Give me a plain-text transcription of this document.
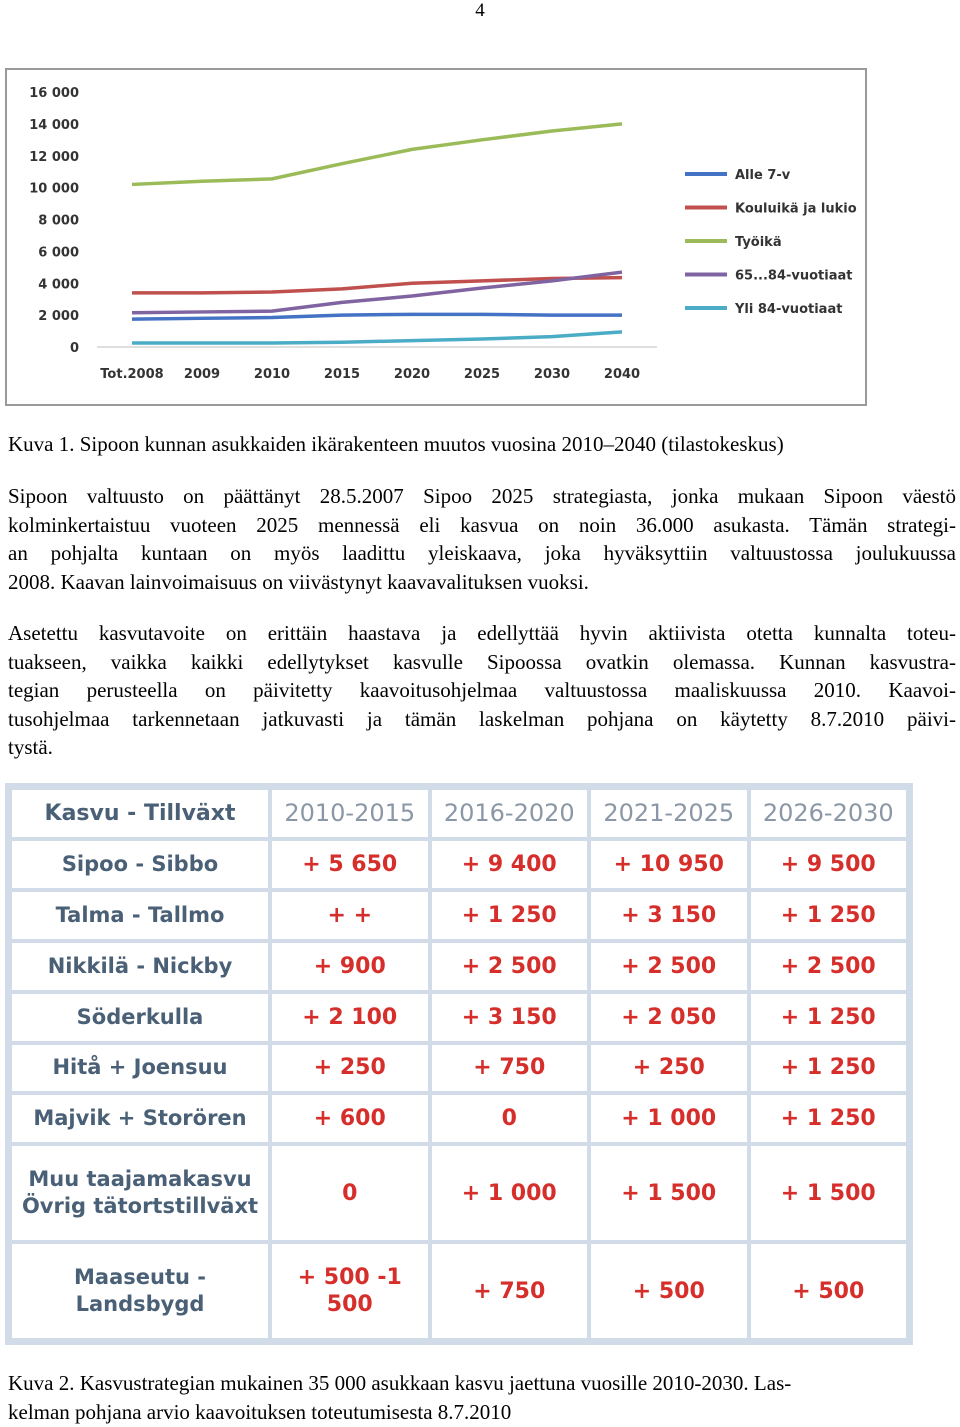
4
0
2 000
4 000
6 000
8 000
10 000
12 000
14 000
16 000
Tot.2008 2009	2010	2015	2020	2025	2030	2040
Alle 7-v
Kouluikä ja lukio
Työikä
65...84-vuotiaat
Yli 84-vuotiaat
Kuva 1. Sipoon kunnan asukkaiden ikärakenteen muutos vuosina 2010–2040 (tilastokeskus)
Sipoon valtuusto on päättänyt 28.5.2007 Sipoo 2025 strategiasta, jonka mukaan Sipoon väestö
kolminkertaistuu vuoteen 2025 mennessä eli kasvua on noin 36.000 asukasta. Tämän strategi-
an pohjalta kuntaan on myös laadittu yleiskaava, joka hyväksyttiin valtuustossa joulukuussa
2008. Kaavan lainvoimaisuus on viivästynyt kaavavalituksen vuoksi.
Asetettu kasvutavoite on erittäin haastava ja edellyttää hyvin aktiivista otetta kunnalta toteu-
tuakseen, vaikka kaikki edellytykset kasvulle Sipoossa ovatkin olemassa. Kunnan kasvustra-
tegian perusteella on päivitetty kaavoitusohjelmaa valtuustossa maaliskuussa 2010. Kaavoi-
tusohjelmaa tarkennetaan jatkuvasti ja tämän laskelman pohjana on käytetty 8.7.2010 päivi-
tystä.
Kasvu - Tillväxt	2010-2015	2016-2020	2021-2025	2026-2030
Sipoo - Sibbo	+ 5 650	+ 9 400	+ 10 950	+ 9 500
Talma - Tallmo	+ +	+ 1 250	+ 3 150	+ 1 250
Nikkilä - Nickby	+ 900	+ 2 500	+ 2 500	+ 2 500
Söderkulla	+ 2 100	+ 3 150	+ 2 050	+ 1 250
Hitå + Joensuu	+ 250	+ 750	+ 250	+ 1 250
Majvik + Storören	+ 600	0	+ 1 000	+ 1 250

Muu taajamakasvu
Övrig tätortstillväxt	0	+ 1 000	+ 1 500	+ 1 500
Maaseutu - Landsbygd	+ 500 -1 500	+ 750	+ 500	+ 500
Kuva 2. Kasvustrategian mukainen 35 000 asukkaan kasvu jaettuna vuosille 2010-2030. Las-
kelman pohjana arvio kaavoituksen toteutumisesta 8.7.2010
